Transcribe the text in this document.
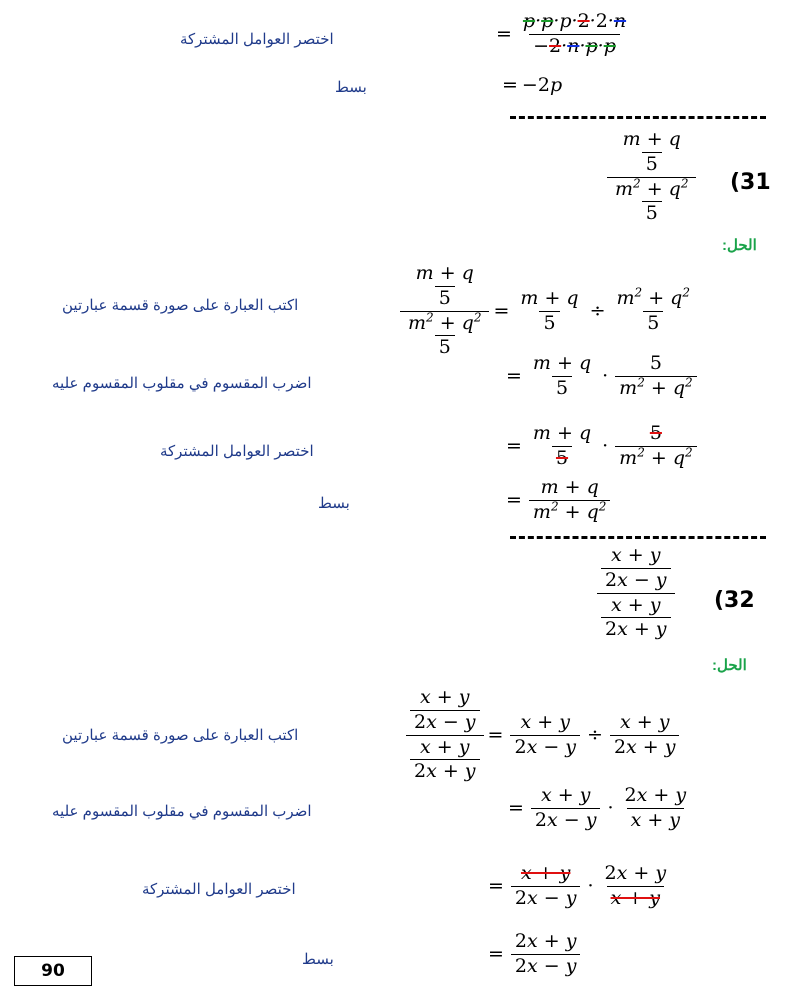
اختصر العوامل المشتركة	= $\frac{p\cdot p\cdot p\cdot 2\cdot 2\cdot n}{-2\cdot n\cdot p\cdot p}$
بسط	= −2p
$\frac{\frac{m + q}{5}}{\frac{m^2 + q^2}{5}} (31$
الحل:
اكتب العبارة على صورة قسمة عبارتين	$\frac{\frac{m + q}{5}}{\frac{m^2 + q^2}{5}} = \frac{m + q}{5} \div \frac{m^2 + q^2}{5}$
اضرب المقسوم في مقلوب المقسوم عليه	= $\frac{m + q}{5} \cdot \frac{5}{m^2 + q^2}$
اختصر العوامل المشتركة	= $\frac{m + q}{5} \cdot \frac{5}{m^2 + q^2}$
بسط	= $\frac{m + q}{m^2 + q^2}$
$\frac{\frac{x + y}{2x - y}}{\frac{x + y}{2x + y}} (32$
الحل:
اكتب العبارة على صورة قسمة عبارتين	$\frac{\frac{x + y}{2x - y}}{\frac{x + y}{2x + y}} = \frac{x + y}{2x - y} \div \frac{x + y}{2x + y}$
اضرب المقسوم في مقلوب المقسوم عليه	= $\frac{x + y}{2x - y} \cdot \frac{2x + y}{x + y}$
اختصر العوامل المشتركة	= $\frac{x + y}{2x - y} \cdot \frac{2x + y}{x + y}$
بسط	= $\frac{2x + y}{2x - y}$
90
